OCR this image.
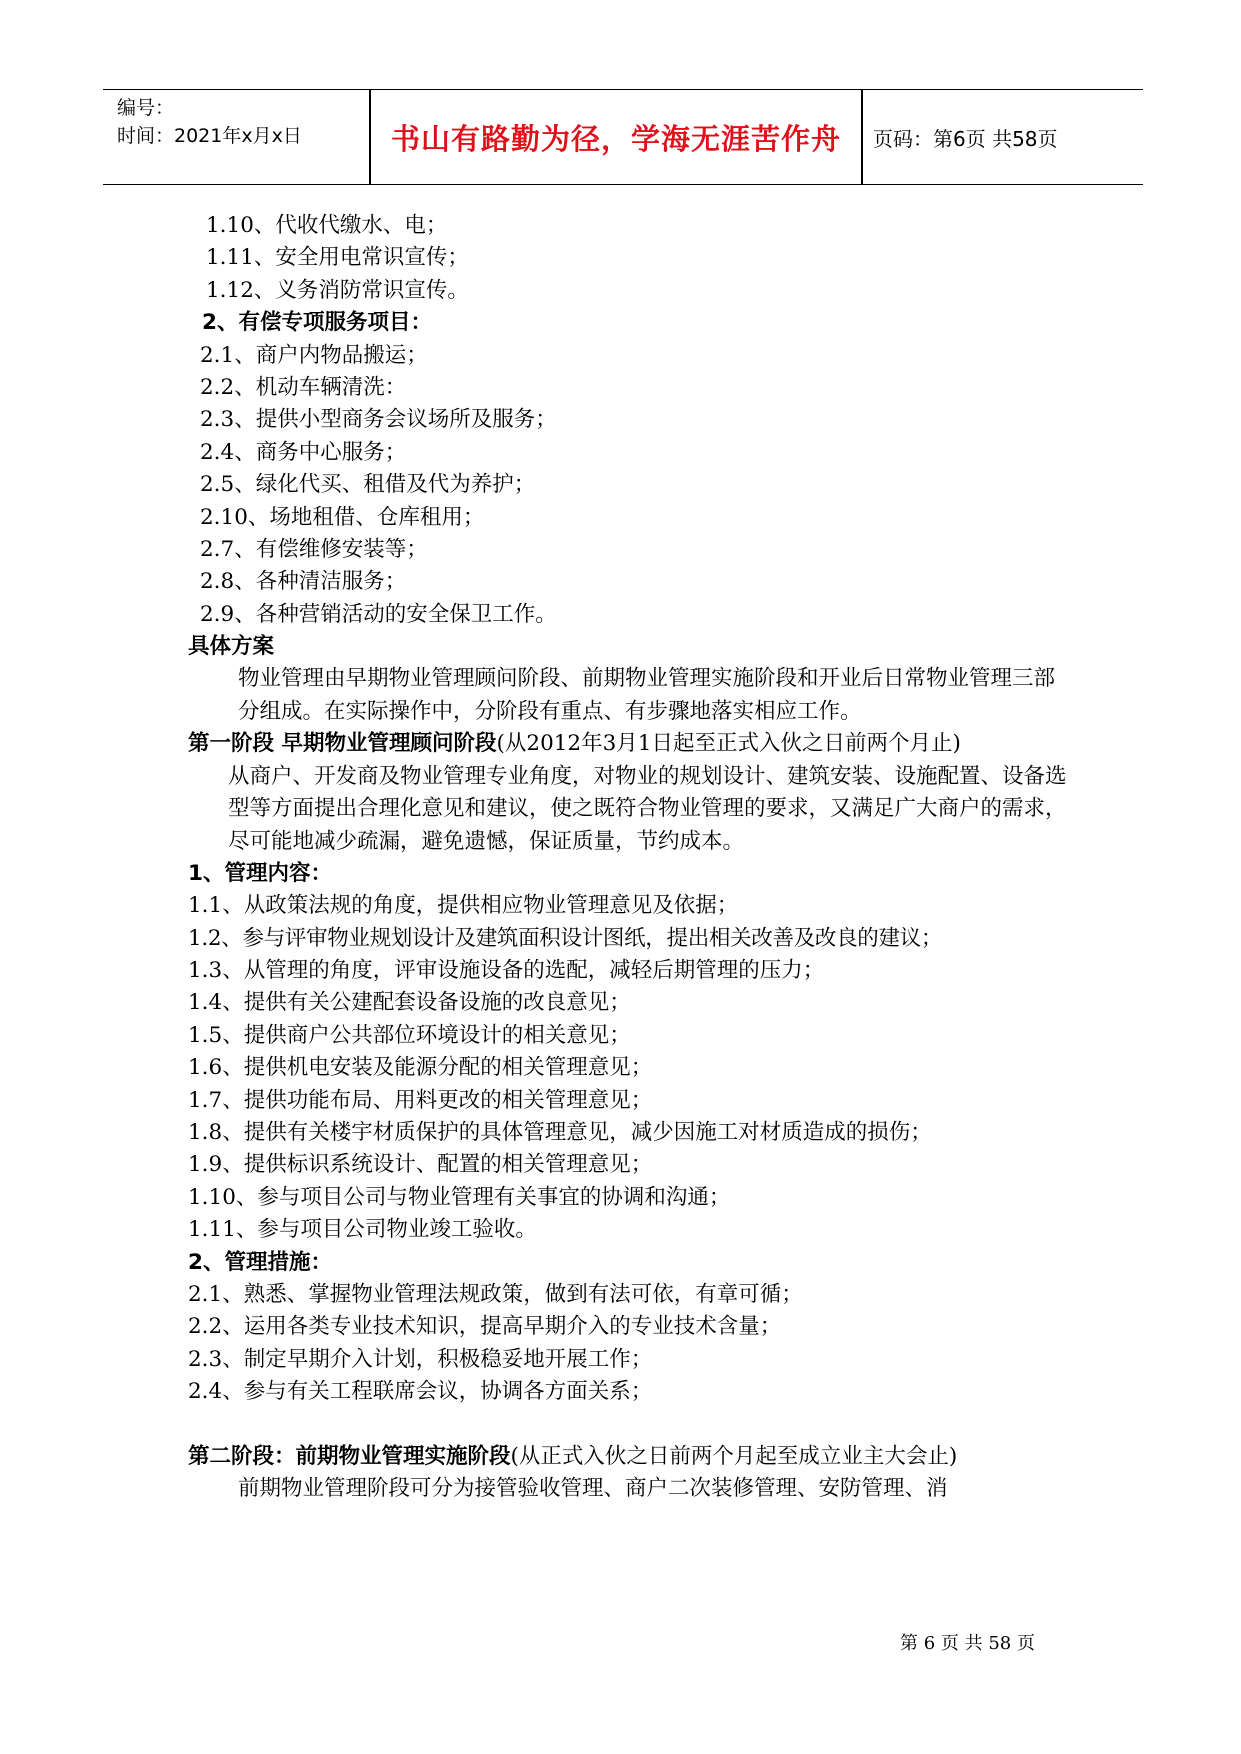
编号：
时间：2021年x月x日	书山有路勤为径，学海无涯苦作舟	页码：第6页 共58页
1.10、代收代缴水、电；
1.11、安全用电常识宣传；
1.12、义务消防常识宣传。
2、有偿专项服务项目：
2.1、商户内物品搬运；
2.2、机动车辆清洗：
2.3、提供小型商务会议场所及服务；
2.4、商务中心服务；
2.5、绿化代买、租借及代为养护；
2.10、场地租借、仓库租用；
2.7、有偿维修安装等；
2.8、各种清洁服务；
2.9、各种营销活动的安全保卫工作。
具体方案
物业管理由早期物业管理顾问阶段、前期物业管理实施阶段和开业后日常物业管理三部分组成。在实际操作中，分阶段有重点、有步骤地落实相应工作。
第一阶段 早期物业管理顾问阶段(从2012年3月1日起至正式入伙之日前两个月止)
从商户、开发商及物业管理专业角度，对物业的规划设计、建筑安装、设施配置、设备选型等方面提出合理化意见和建议，使之既符合物业管理的要求，又满足广大商户的需求，尽可能地减少疏漏，避免遗憾，保证质量，节约成本。
1、管理内容：
1.1、从政策法规的角度，提供相应物业管理意见及依据；
1.2、参与评审物业规划设计及建筑面积设计图纸，提出相关改善及改良的建议；
1.3、从管理的角度，评审设施设备的选配，减轻后期管理的压力；
1.4、提供有关公建配套设备设施的改良意见；
1.5、提供商户公共部位环境设计的相关意见；
1.6、提供机电安装及能源分配的相关管理意见；
1.7、提供功能布局、用料更改的相关管理意见；
1.8、提供有关楼宇材质保护的具体管理意见，减少因施工对材质造成的损伤；
1.9、提供标识系统设计、配置的相关管理意见；
1.10、参与项目公司与物业管理有关事宜的协调和沟通；
1.11、参与项目公司物业竣工验收。
2、管理措施：
2.1、熟悉、掌握物业管理法规政策，做到有法可依，有章可循；
2.2、运用各类专业技术知识，提高早期介入的专业技术含量；
2.3、制定早期介入计划，积极稳妥地开展工作；
2.4、参与有关工程联席会议，协调各方面关系；
第二阶段：前期物业管理实施阶段(从正式入伙之日前两个月起至成立业主大会止)
前期物业管理阶段可分为接管验收管理、商户二次装修管理、安防管理、消
第 6 页 共 58 页
